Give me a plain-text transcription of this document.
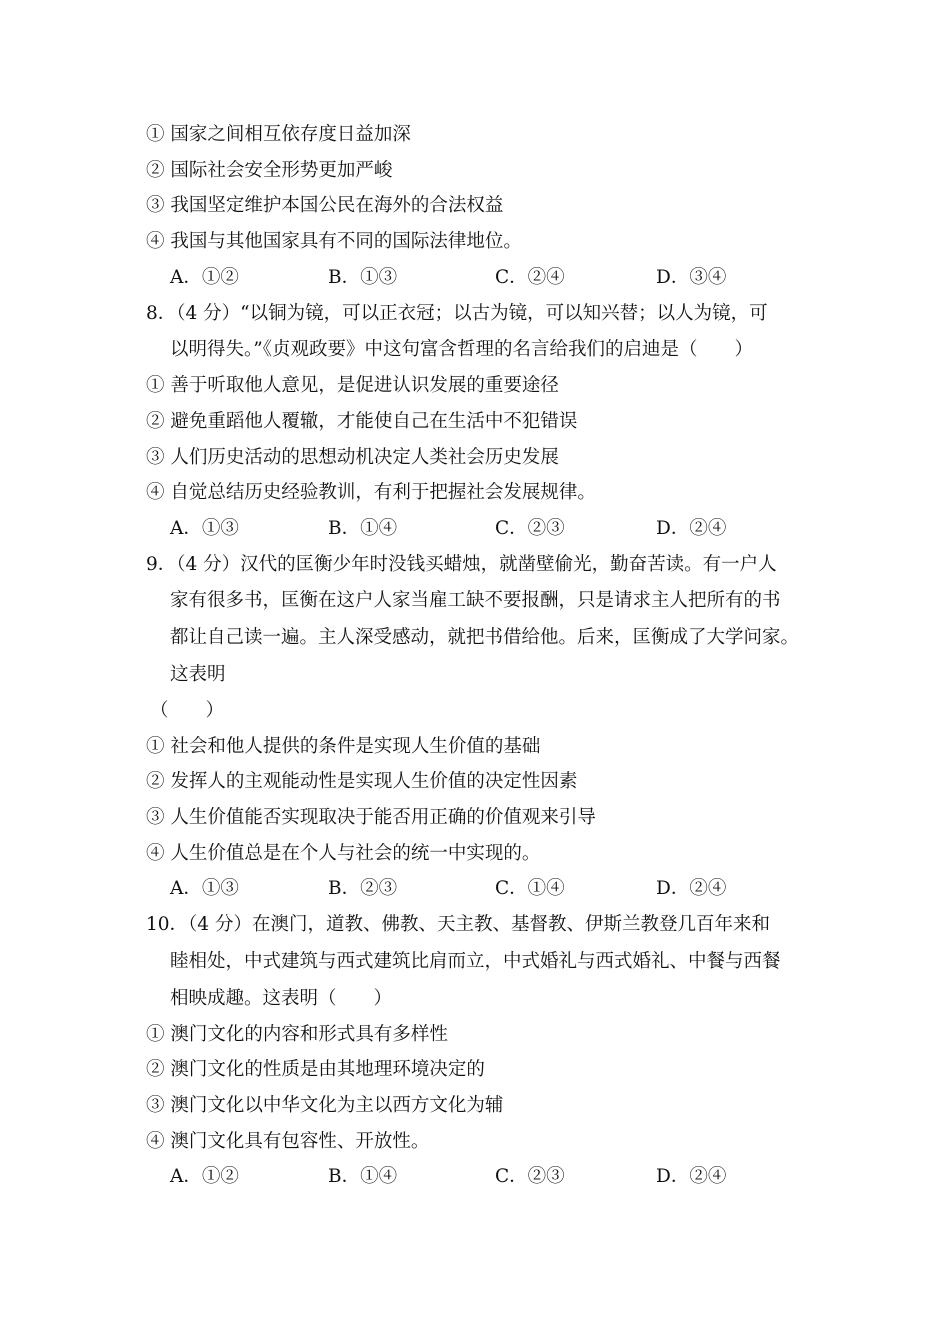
① 国家之间相互依存度日益加深
② 国际社会安全形势更加严峻
③ 我国坚定维护本国公民在海外的合法权益
④ 我国与其他国家具有不同的国际法律地位。
A．①②	B．①③	C．②④	D．③④
8．（4 分）“以铜为镜，可以正衣冠；以古为镜，可以知兴替；以人为镜，可
以明得失。”《贞观政要》中这句富含哲理的名言给我们的启迪是（　　）
① 善于听取他人意见，是促进认识发展的重要途径
② 避免重蹈他人覆辙，才能使自己在生活中不犯错误
③ 人们历史活动的思想动机决定人类社会历史发展
④ 自觉总结历史经验教训，有利于把握社会发展规律。
A．①③	B．①④	C．②③	D．②④
9．（4 分）汉代的匡衡少年时没钱买蜡烛，就凿壁偷光，勤奋苦读。有一户人
家有很多书，匡衡在这户人家当雇工缺不要报酬，只是请求主人把所有的书
都让自己读一遍。主人深受感动，就把书借给他。后来，匡衡成了大学问家。
这表明
（　　）
① 社会和他人提供的条件是实现人生价值的基础
② 发挥人的主观能动性是实现人生价值的决定性因素
③ 人生价值能否实现取决于能否用正确的价值观来引导
④ 人生价值总是在个人与社会的统一中实现的。
A．①③	B．②③	C．①④	D．②④
10．（4 分）在澳门，道教、佛教、天主教、基督教、伊斯兰教登几百年来和
睦相处，中式建筑与西式建筑比肩而立，中式婚礼与西式婚礼、中餐与西餐
相映成趣。这表明（　　）
① 澳门文化的内容和形式具有多样性
② 澳门文化的性质是由其地理环境决定的
③ 澳门文化以中华文化为主以西方文化为辅
④ 澳门文化具有包容性、开放性。
A．①②	B．①④	C．②③	D．②④
